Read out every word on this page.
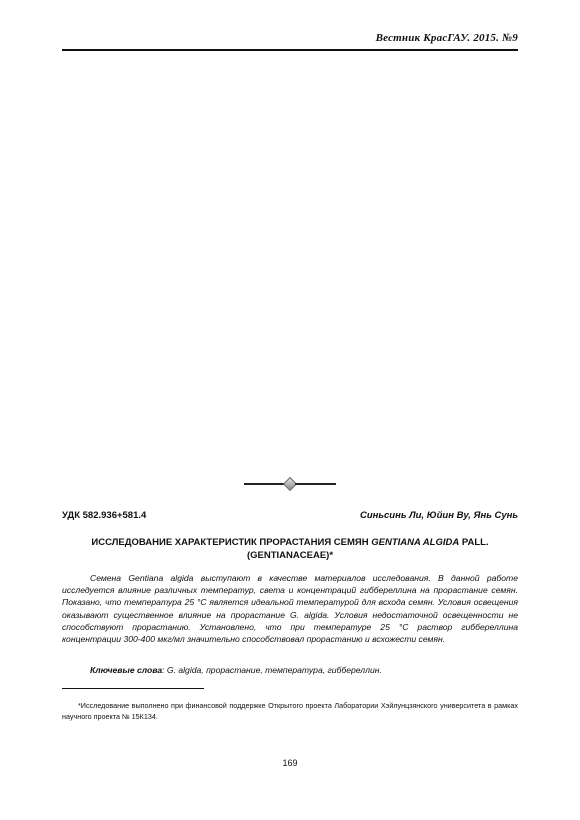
Вестник КрасГАУ. 2015. №9
УДК 582.936+581.4	Синьсинь Ли, Юйин Ву, Янь Сунь
ИССЛЕДОВАНИЕ ХАРАКТЕРИСТИК ПРОРАСТАНИЯ СЕМЯН GENTIANA ALGIDA PALL.
(GENTIANACEAE)*

Семена Gentiana algida выступают в качестве материалов исследования. В данной работе исследуется влияние различных температур, света и концентраций гиббереллина на прорастание семян. Показано, что температура 25 °С является идеальной температурой для всхода семян. Условия освещения оказывают существенное влияние на прорастание G. algida. Условия недостаточной освещенности не способствуют прорастанию. Установлено, что при температуре 25 °С раствор гиббереллина концентрации 300-400 мкг/мл значительно способствовал прорастанию и всхожести семян.

Ключевые слова: G. algida, прорастание, температура, гиббереллин.

*Исследование выполнено при финансовой поддержке Открытого проекта Лаборатории Хэйлунцзянского университета в рамках научного проекта № 15К134.

169
